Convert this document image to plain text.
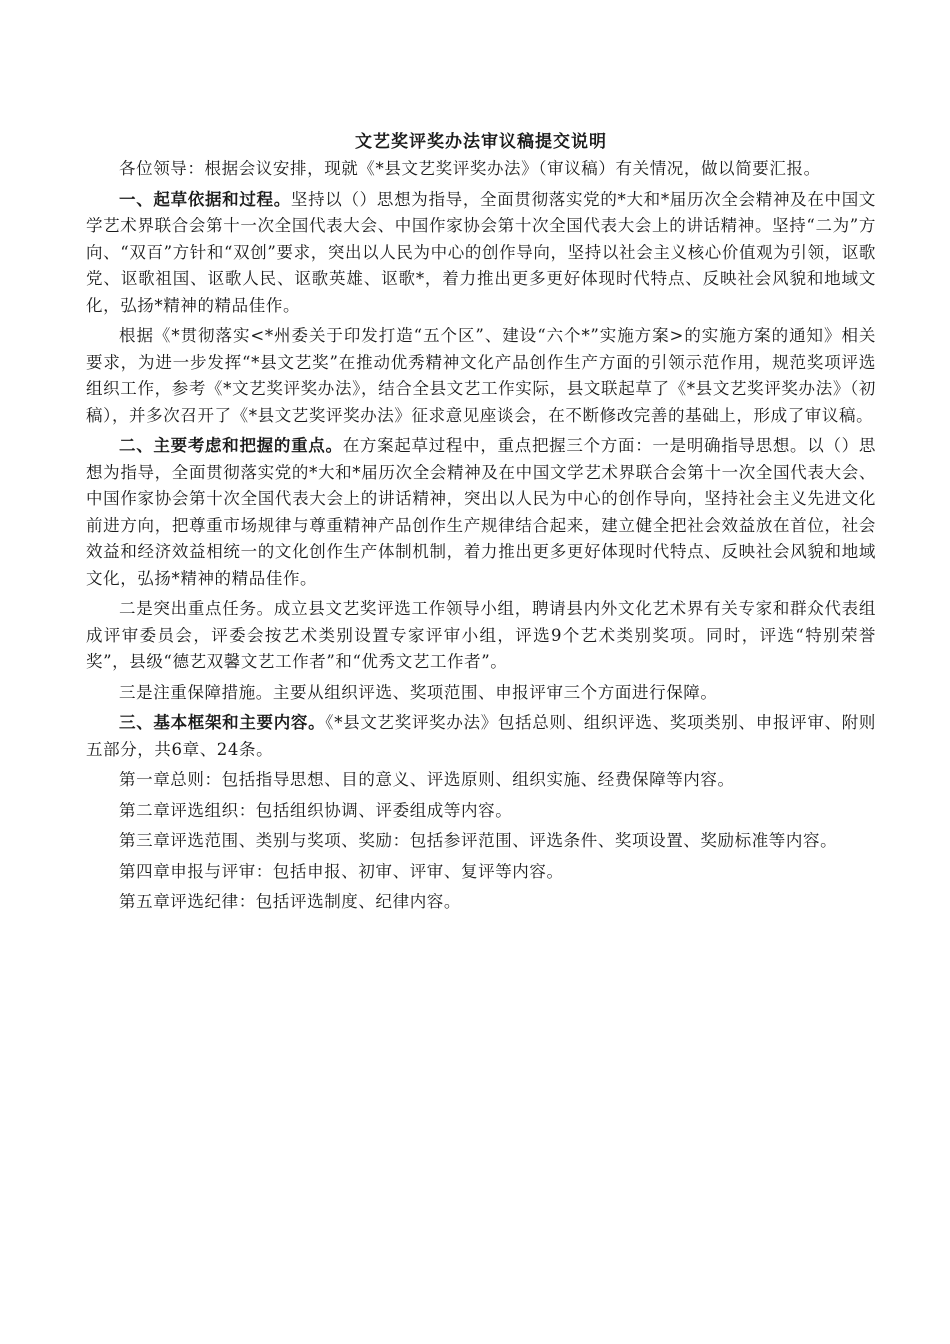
文艺奖评奖办法审议稿提交说明

各位领导：根据会议安排，现就《*县文艺奖评奖办法》（审议稿）有关情况，做以简要汇报。

一、起草依据和过程。坚持以（）思想为指导，全面贯彻落实党的*大和*届历次全会精神及在中国文学艺术界联合会第十一次全国代表大会、中国作家协会第十次全国代表大会上的讲话精神。坚持“二为”方向、“双百”方针和“双创”要求，突出以人民为中心的创作导向，坚持以社会主义核心价值观为引领，讴歌党、讴歌祖国、讴歌人民、讴歌英雄、讴歌*，着力推出更多更好体现时代特点、反映社会风貌和地域文化，弘扬*精神的精品佳作。

根据《*贯彻落实<*州委关于印发打造“五个区”、建设“六个*”实施方案>的实施方案的通知》相关要求，为进一步发挥“*县文艺奖”在推动优秀精神文化产品创作生产方面的引领示范作用，规范奖项评选组织工作，参考《*文艺奖评奖办法》，结合全县文艺工作实际，县文联起草了《*县文艺奖评奖办法》（初稿），并多次召开了《*县文艺奖评奖办法》征求意见座谈会，在不断修改完善的基础上，形成了审议稿。

二、主要考虑和把握的重点。在方案起草过程中，重点把握三个方面：一是明确指导思想。以（）思想为指导，全面贯彻落实党的*大和*届历次全会精神及在中国文学艺术界联合会第十一次全国代表大会、中国作家协会第十次全国代表大会上的讲话精神，突出以人民为中心的创作导向，坚持社会主义先进文化前进方向，把尊重市场规律与尊重精神产品创作生产规律结合起来，建立健全把社会效益放在首位，社会效益和经济效益相统一的文化创作生产体制机制，着力推出更多更好体现时代特点、反映社会风貌和地域文化，弘扬*精神的精品佳作。

二是突出重点任务。成立县文艺奖评选工作领导小组，聘请县内外文化艺术界有关专家和群众代表组成评审委员会，评委会按艺术类别设置专家评审小组，评选9个艺术类别奖项。同时，评选“特别荣誉奖”，县级“德艺双馨文艺工作者”和“优秀文艺工作者”。

三是注重保障措施。主要从组织评选、奖项范围、申报评审三个方面进行保障。

三、基本框架和主要内容。《*县文艺奖评奖办法》包括总则、组织评选、奖项类别、申报评审、附则五部分，共6章、24条。

第一章总则：包括指导思想、目的意义、评选原则、组织实施、经费保障等内容。

第二章评选组织：包括组织协调、评委组成等内容。

第三章评选范围、类别与奖项、奖励：包括参评范围、评选条件、奖项设置、奖励标准等内容。

第四章申报与评审：包括申报、初审、评审、复评等内容。

第五章评选纪律：包括评选制度、纪律内容。
